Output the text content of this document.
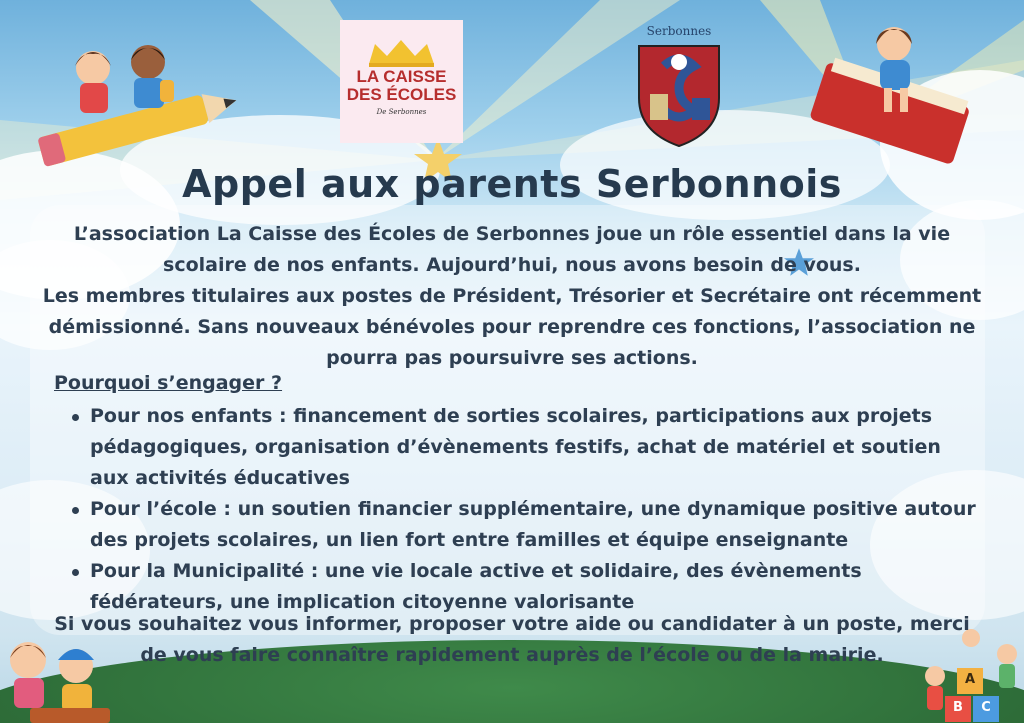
LA CAISSE
DES ÉCOLES
De Serbonnes
Serbonnes
A
B	C
Appel aux parents Serbonnois

L’association La Caisse des Écoles de Serbonnes joue un rôle essentiel dans la vie scolaire de nos enfants. Aujourd’hui, nous avons besoin de vous.

Les membres titulaires aux postes de Président, Trésorier et Secrétaire ont récemment démissionné. Sans nouveaux bénévoles pour reprendre ces fonctions, l’association ne pourra pas poursuivre ses actions.

Pourquoi s’engager ?
Pour nos enfants : financement de sorties scolaires, participations aux projets pédagogiques, organisation d’évènements festifs, achat de matériel et soutien aux activités éducatives
Pour l’école : un soutien financier supplémentaire, une dynamique positive autour des projets scolaires, un lien fort entre familles et équipe enseignante
Pour la Municipalité : une vie locale active et solidaire, des évènements fédérateurs, une implication citoyenne valorisante
Si vous souhaitez vous informer, proposer votre aide ou candidater à un poste, merci de vous faire connaître rapidement auprès de l’école ou de la mairie.
